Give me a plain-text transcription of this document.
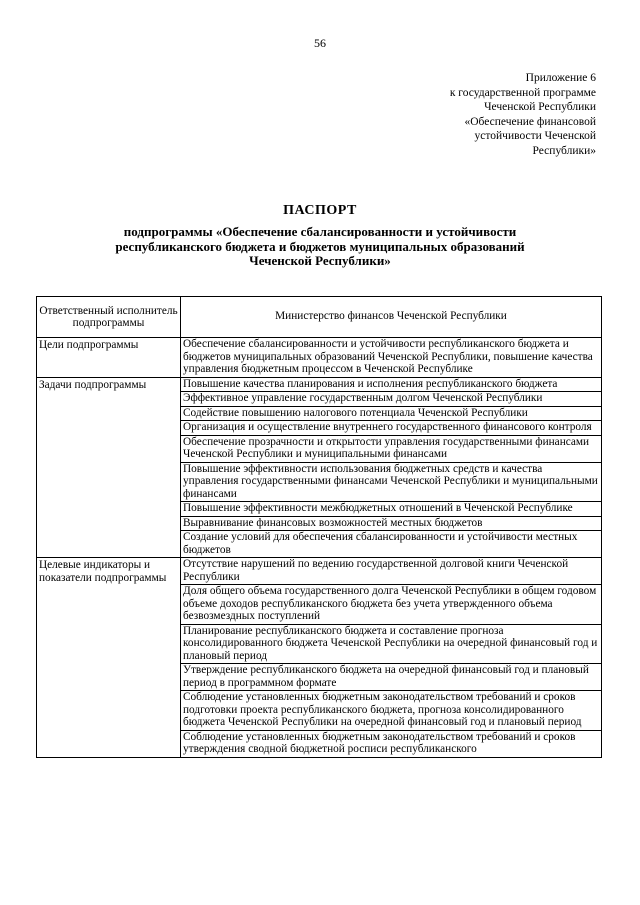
56
Приложение 6
к государственной программе
Чеченской Республики
«Обеспечение финансовой
устойчивости Чеченской
Республики»
ПАСПОРТ
подпрограммы «Обеспечение сбалансированности и устойчивости
республиканского бюджета и бюджетов муниципальных образований
Чеченской Республики»
Ответственный исполнитель подпрограммы	Министерство финансов Чеченской Республики
Цели подпрограммы	Обеспечение сбалансированности и устойчивости республиканского бюджета и бюджетов муниципальных образований Чеченской Республики, повышение качества управления бюджетным процессом в Чеченской Республике
Задачи подпрограммы	Повышение качества планирования и исполнения республиканского бюджета
	Эффективное управление государственным долгом Чеченской Республики
	Содействие повышению налогового потенциала Чеченской Республики
	Организация и осуществление внутреннего государственного финансового контроля
	Обеспечение прозрачности и открытости управления государственными финансами Чеченской Республики и муниципальными финансами
	Повышение эффективности использования бюджетных средств и качества управления государственными финансами Чеченской Республики и муниципальными финансами
	Повышение эффективности межбюджетных отношений в Чеченской Республике
	Выравнивание финансовых возможностей местных бюджетов
	Создание условий для обеспечения сбалансированности и устойчивости местных бюджетов
Целевые индикаторы и показатели подпрограммы	Отсутствие нарушений по ведению государственной долговой книги Чеченской Республики
	Доля общего объема государственного долга Чеченской Республики в общем годовом объеме доходов республиканского бюджета без учета утвержденного объема безвозмездных поступлений
	Планирование республиканского бюджета и составление прогноза консолидированного бюджета Чеченской Республики на очередной финансовый год и плановый период
	Утверждение республиканского бюджета на очередной финансовый год и плановый период в программном формате
	Соблюдение установленных бюджетным законодательством требований и сроков подготовки проекта республиканского бюджета, прогноза консолидированного бюджета Чеченской Республики на очередной финансовый год и плановый период
	Соблюдение установленных бюджетным законодательством требований и сроков утверждения сводной бюджетной росписи республиканского
